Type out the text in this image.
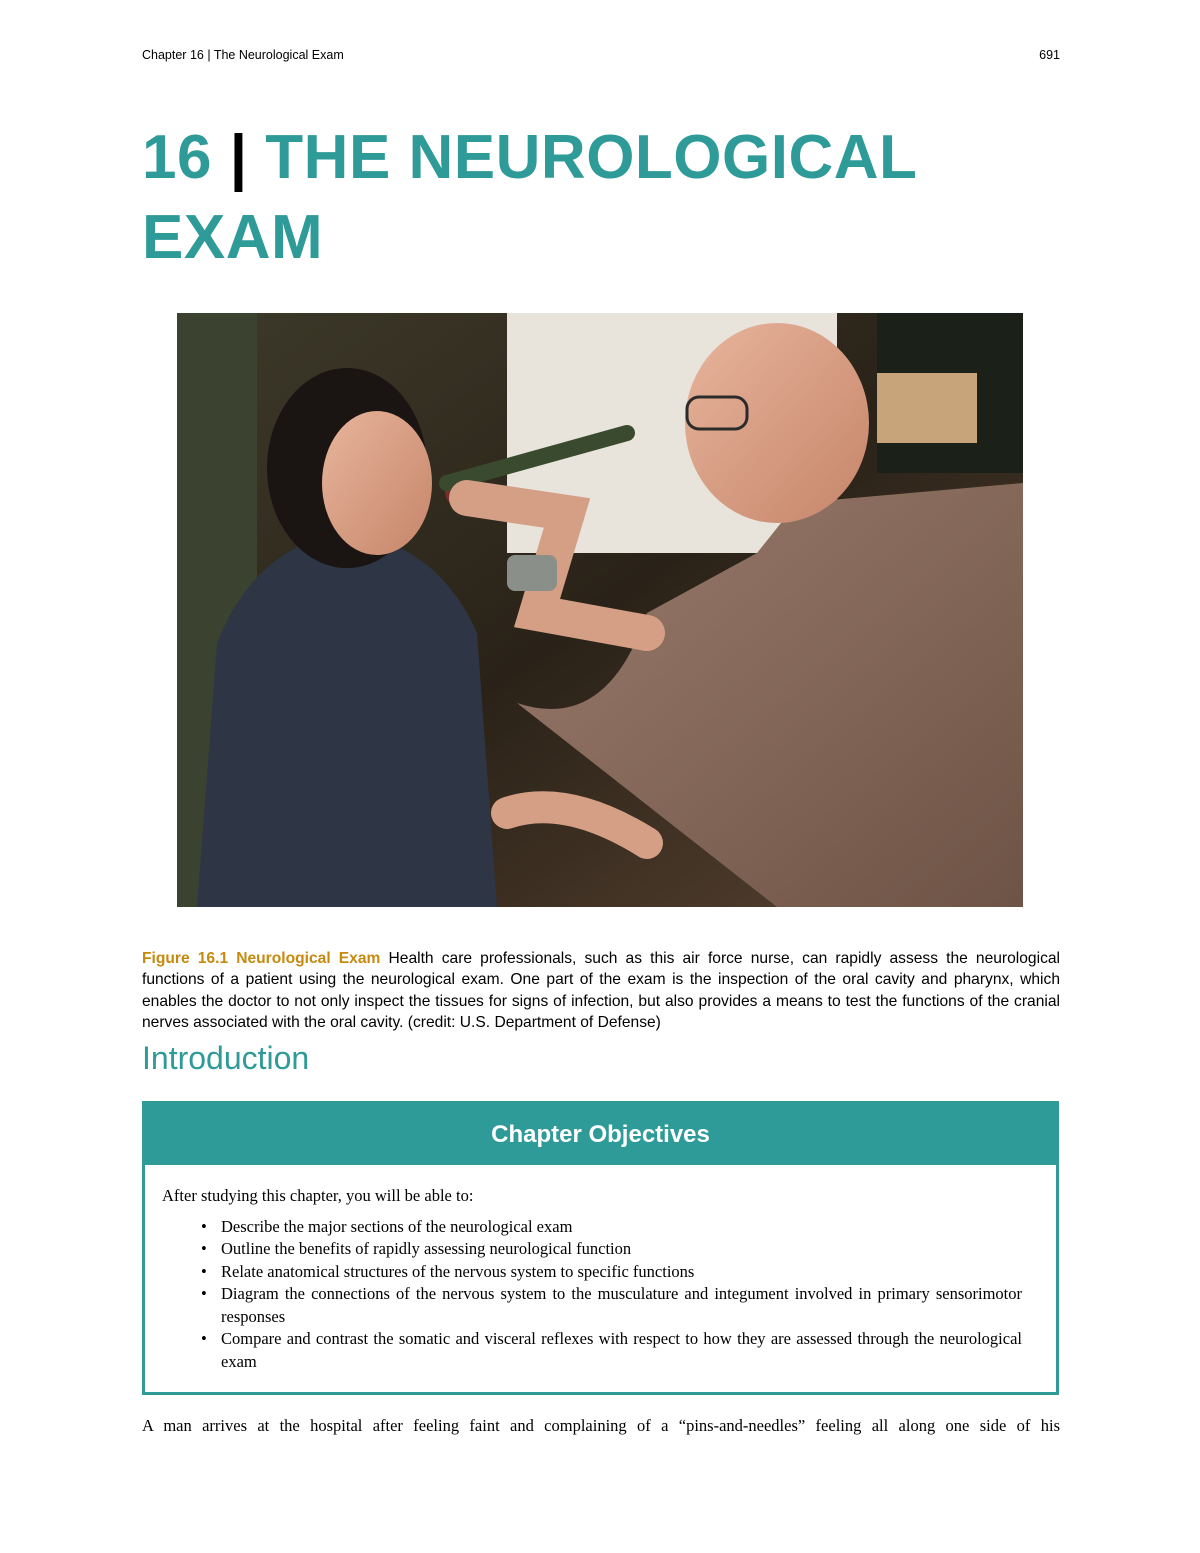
Chapter 16 | The Neurological Exam	691
16 | THE NEUROLOGICAL
EXAM

Figure 16.1 Neurological Exam Health care professionals, such as this air force nurse, can rapidly assess the neurological functions of a patient using the neurological exam. One part of the exam is the inspection of the oral cavity and pharynx, which enables the doctor to not only inspect the tissues for signs of infection, but also provides a means to test the functions of the cranial nerves associated with the oral cavity. (credit: U.S. Department of Defense)

Introduction
Chapter Objectives

After studying this chapter, you will be able to:

• Describe the major sections of the neurological exam
• Outline the benefits of rapidly assessing neurological function
• Relate anatomical structures of the nervous system to specific functions
• Diagram the connections of the nervous system to the musculature and integument involved in primary sensorimotor responses
• Compare and contrast the somatic and visceral reflexes with respect to how they are assessed through the neurological exam

A man arrives at the hospital after feeling faint and complaining of a “pins-and-needles” feeling all along one side of his
